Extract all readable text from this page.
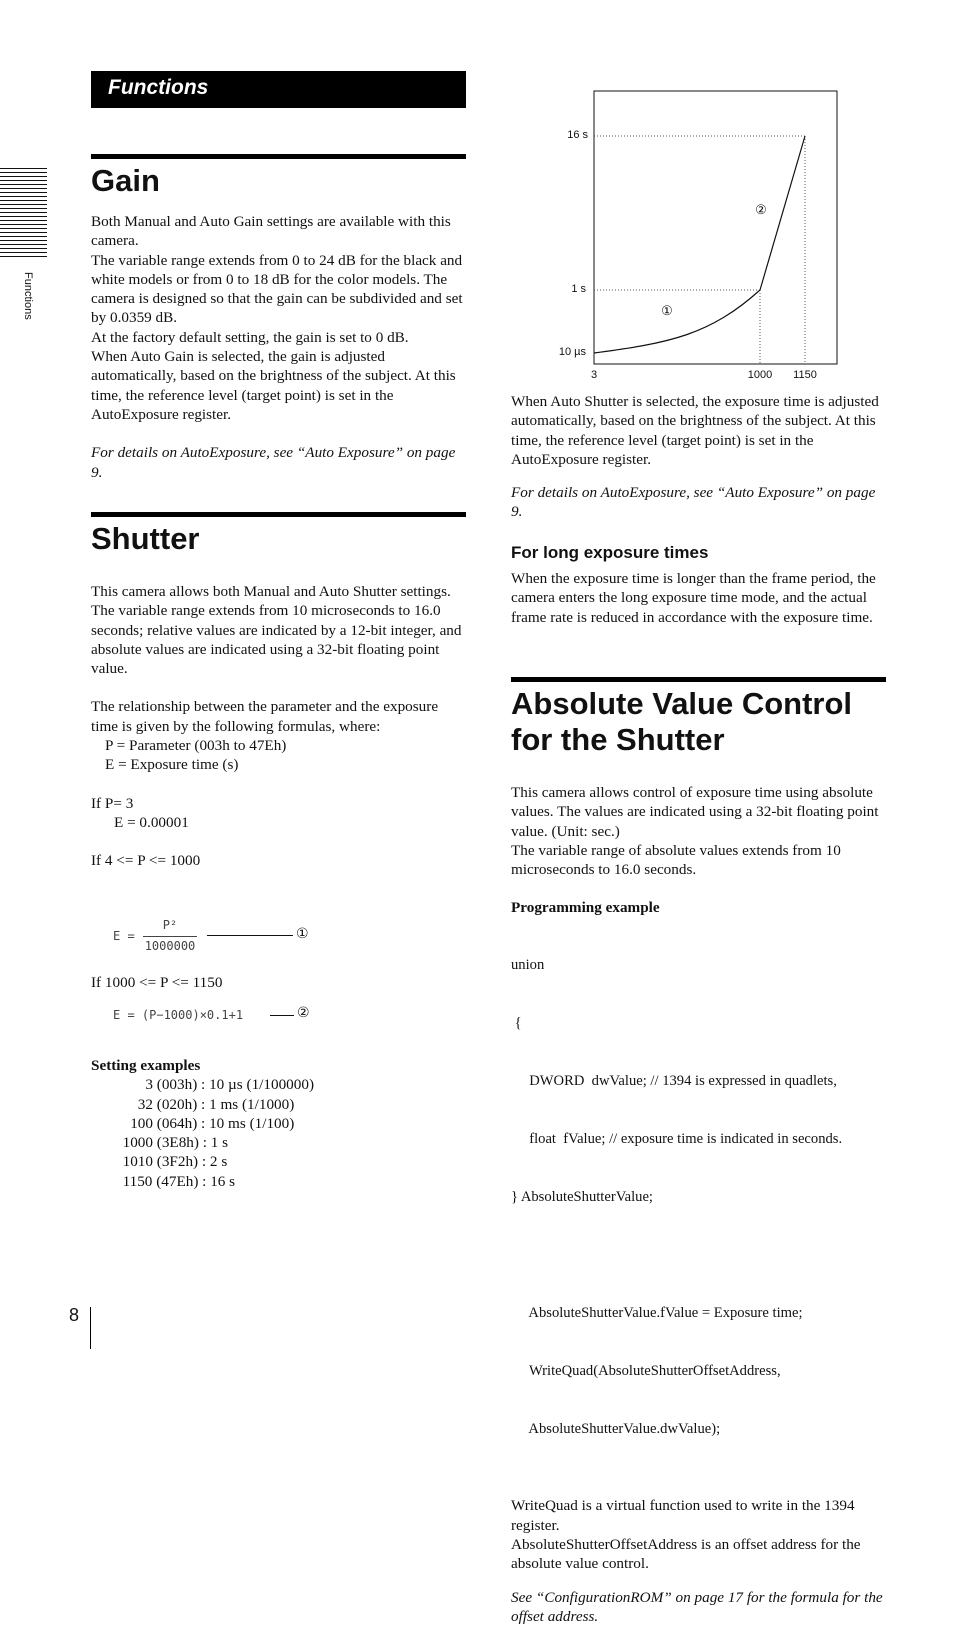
Functions
Functions
Gain

Both Manual and Auto Gain settings are available with this camera.

The variable range extends from 0 to 24 dB for the black and white models or from 0 to 18 dB for the color models. The camera is designed so that the gain can be subdivided and set by 0.0359 dB.

At the factory default setting, the gain is set to 0 dB.

When Auto Gain is selected, the gain is adjusted automatically, based on the brightness of the subject. At this time, the reference level (target point) is set in the AutoExposure register.

For details on AutoExposure, see “Auto Exposure” on page 9.

Shutter

This camera allows both Manual and Auto Shutter settings.

The variable range extends from 10 microseconds to 16.0 seconds; relative values are indicated by a 12-bit integer, and absolute values are indicated using a 32-bit floating point value.

The relationship between the parameter and the exposure time is given by the following formulas, where:

P = Parameter (003h to 47Eh)

E = Exposure time (s)

If P= 3

E = 0.00001

If 4 <= P <= 1000

E =
P²
1000000
①
If 1000 <= P <= 1150
E = (P−1000)×0.1+1	②

Setting examples

3 (003h) : 10 µs (1/100000)

32 (020h) : 1 ms (1/1000)

100 (064h) : 10 ms (1/100)

1000 (3E8h) : 1 s

1010 (3F2h) : 2 s

1150 (47Eh) : 16 s

16 s
1 s
10 µs
3	1000 1150
①
②

When Auto Shutter is selected, the exposure time is adjusted automatically, based on the brightness of the subject. At this time, the reference level (target point) is set in the AutoExposure register.

For details on AutoExposure, see “Auto Exposure” on page 9.

For long exposure times
When the exposure time is longer than the frame period, the camera enters the long exposure time mode, and the actual frame rate is reduced in accordance with the exposure time.
Absolute Value Control
for the Shutter

This camera allows control of exposure time using absolute values. The values are indicated using a 32-bit floating point value. (Unit: sec.)

The variable range of absolute values extends from 10 microseconds to 16.0 seconds.

Programming example

union

{

DWORD  dwValue; // 1394 is expressed in quadlets,

float  fValue; // exposure time is indicated in seconds.

} AbsoluteShutterValue;

AbsoluteShutterValue.fValue = Exposure time;

WriteQuad(AbsoluteShutterOffsetAddress,

AbsoluteShutterValue.dwValue);

WriteQuad is a virtual function used to write in the 1394 register.

AbsoluteShutterOffsetAddress is an offset address for the absolute value control.

See “ConfigurationROM” on page 17 for the formula for the offset address.

8
